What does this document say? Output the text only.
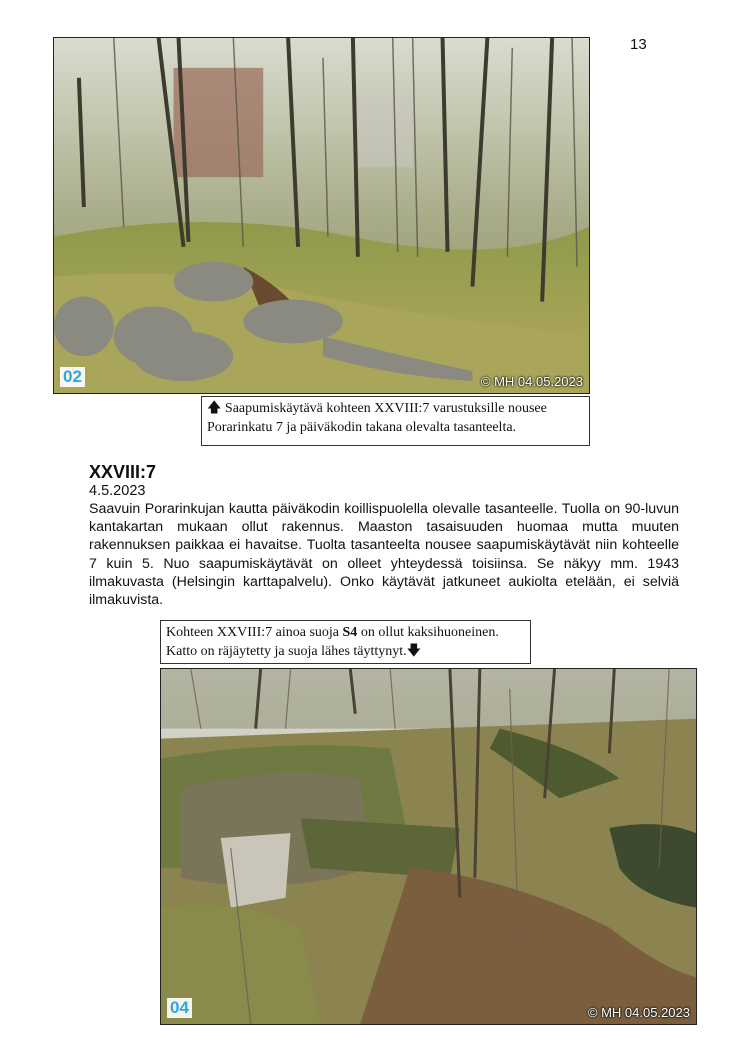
13
02	© MH 04.05.2023
🡅 Saapumiskäytävä kohteen XXVIII:7 varustuksille nousee
Porarinkatu 7 ja päiväkodin takana olevalta tasanteelta.
XXVIII:7
4.5.2023
Saavuin Porarinkujan kautta päiväkodin koillispuolella olevalle tasanteelle. Tuolla on 90-luvun kantakartan mukaan ollut rakennus. Maaston tasaisuuden huomaa mutta muuten rakennuksen paikkaa ei havaitse. Tuolta tasanteelta nousee saapumiskäytävät niin kohteelle 7 kuin 5. Nuo saapumiskäytävät on olleet yhteydessä toisiinsa. Se näkyy mm. 1943 ilmakuvasta (Helsingin karttapalvelu). Onko käytävät jatkuneet aukiolta etelään, ei selviä ilmakuvista.
Kohteen XXVIII:7 ainoa suoja S4 on ollut kaksihuoneinen.
Katto on räjäytetty ja suoja lähes täyttynyt.🡇
04	© MH 04.05.2023
